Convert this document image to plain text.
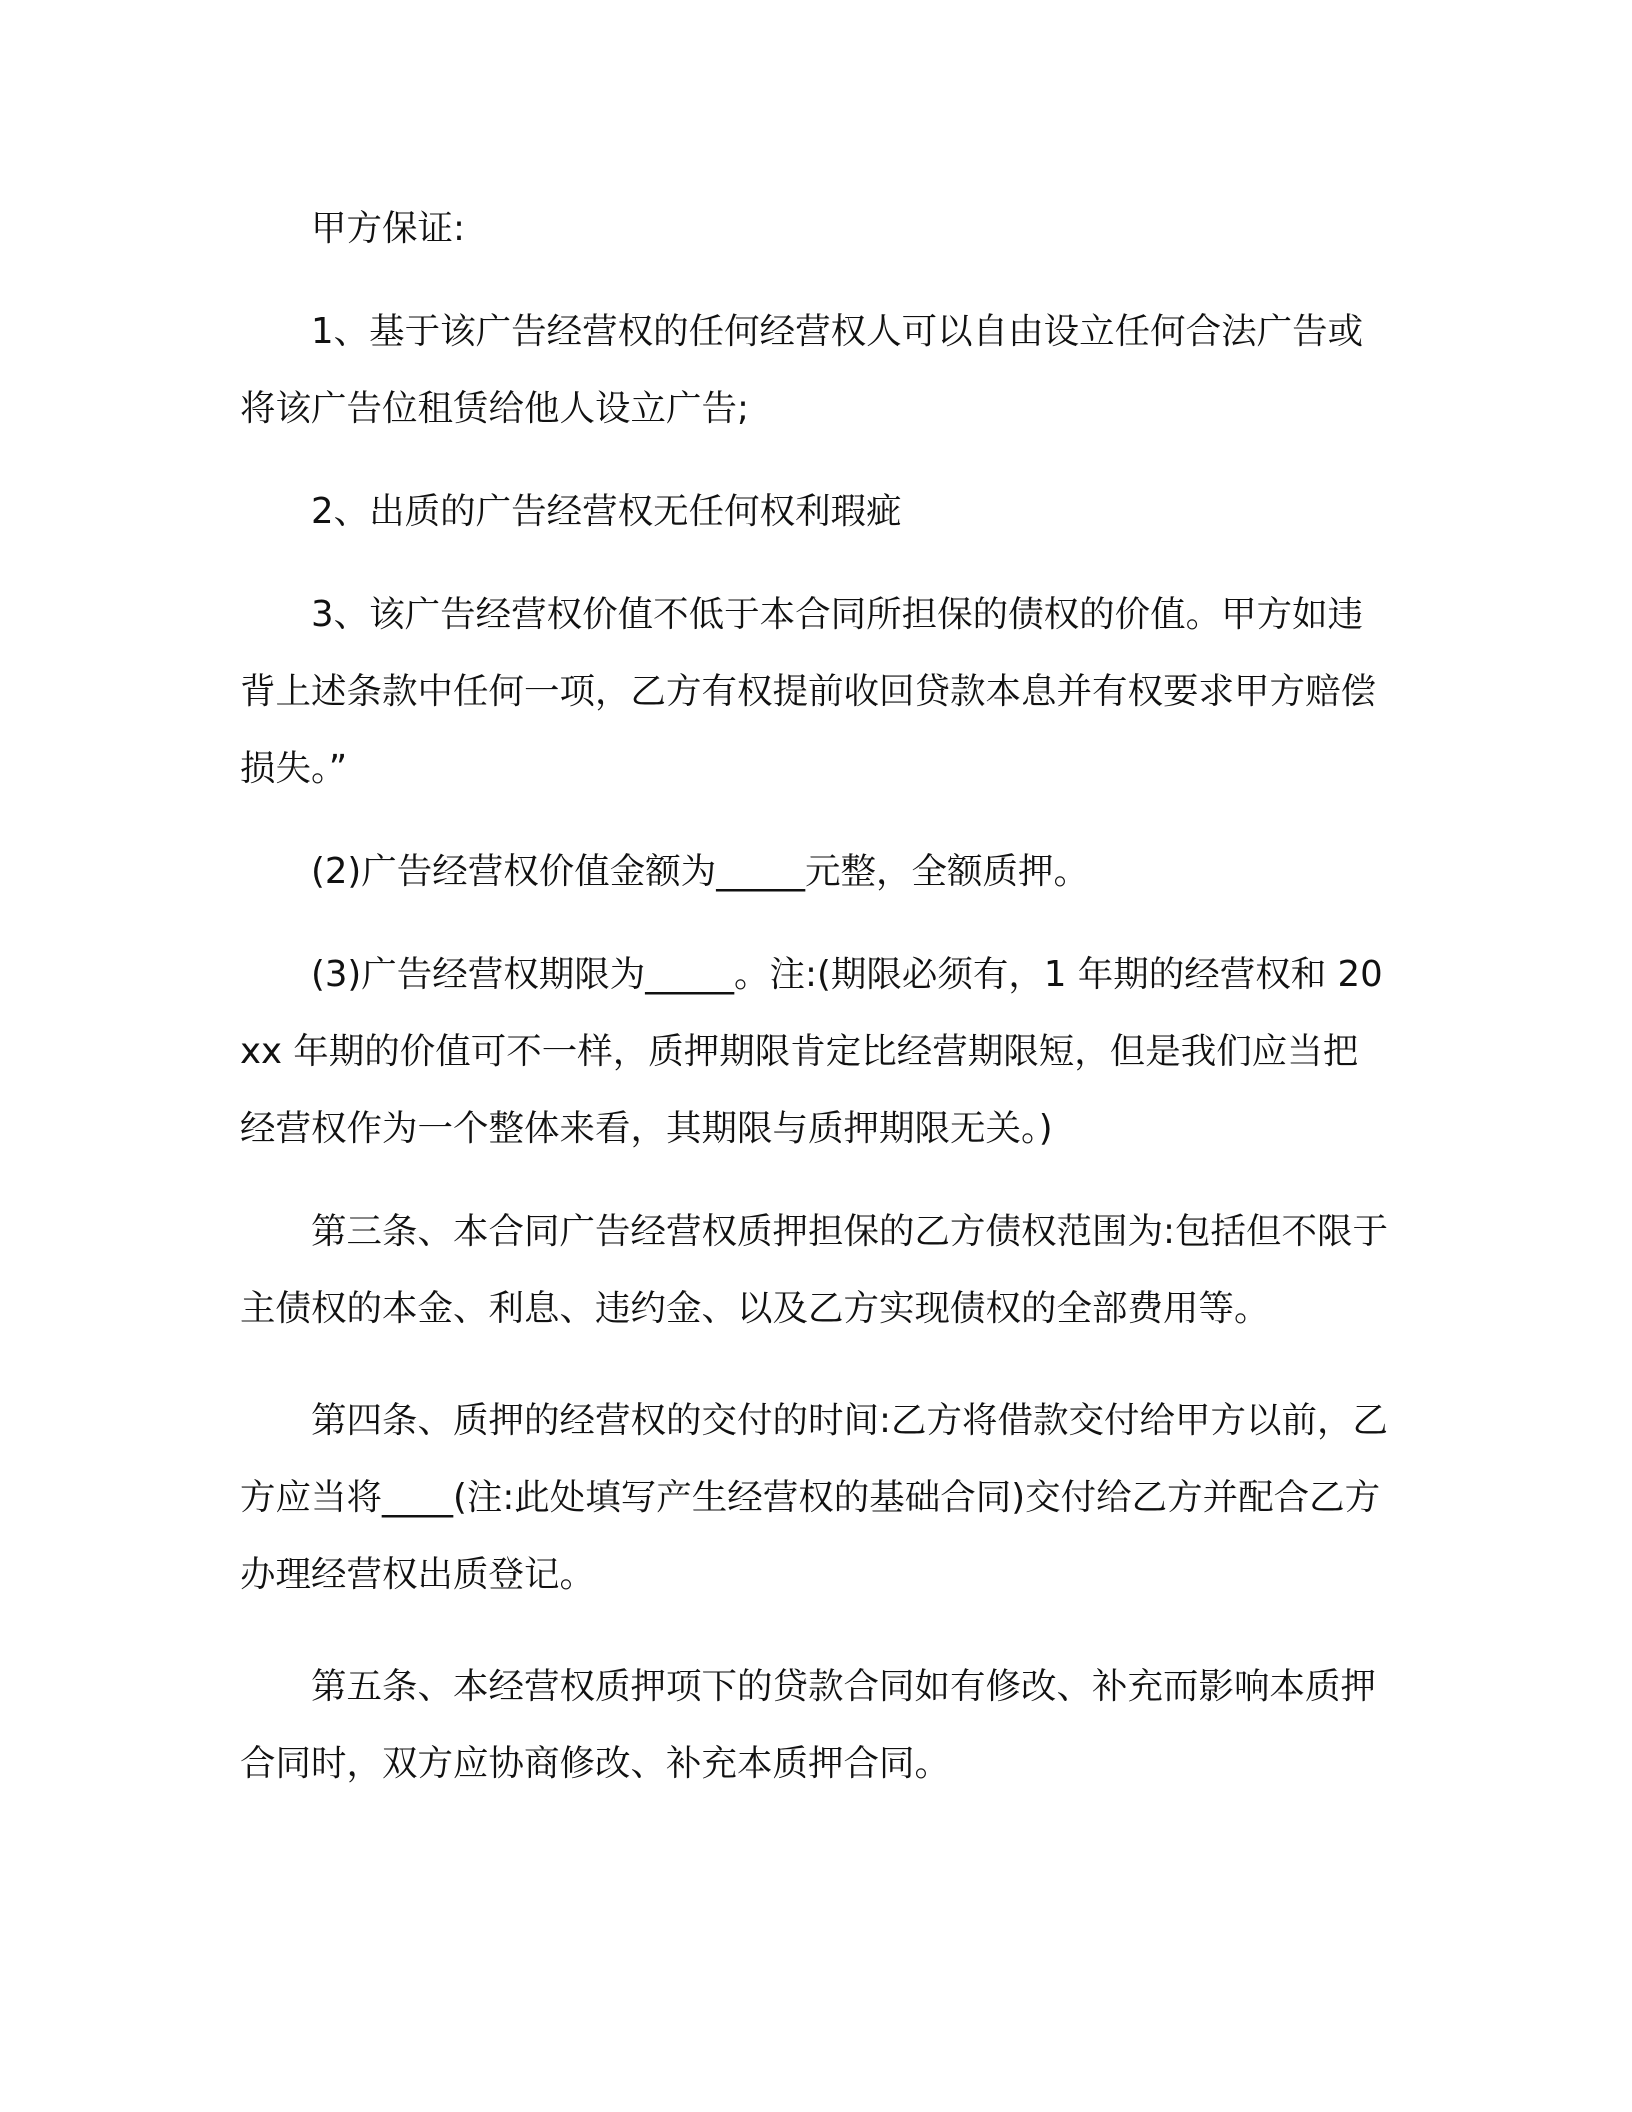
甲方保证:

1、基于该广告经营权的任何经营权人可以自由设立任何合法广告或将该广告位租赁给他人设立广告;

2、出质的广告经营权无任何权利瑕疵

3、该广告经营权价值不低于本合同所担保的债权的价值。甲方如违背上述条款中任何一项，乙方有权提前收回贷款本息并有权要求甲方赔偿损失。”

(2)广告经营权价值金额为_____元整，全额质押。

(3)广告经营权期限为_____。注:(期限必须有，1 年期的经营权和 20xx 年期的价值可不一样，质押期限肯定比经营期限短，但是我们应当把经营权作为一个整体来看，其期限与质押期限无关。)

第三条、本合同广告经营权质押担保的乙方债权范围为:包括但不限于主债权的本金、利息、违约金、以及乙方实现债权的全部费用等。

第四条、质押的经营权的交付的时间:乙方将借款交付给甲方以前，乙方应当将____(注:此处填写产生经营权的基础合同)交付给乙方并配合乙方办理经营权出质登记。

第五条、本经营权质押项下的贷款合同如有修改、补充而影响本质押合同时，双方应协商修改、补充本质押合同。
